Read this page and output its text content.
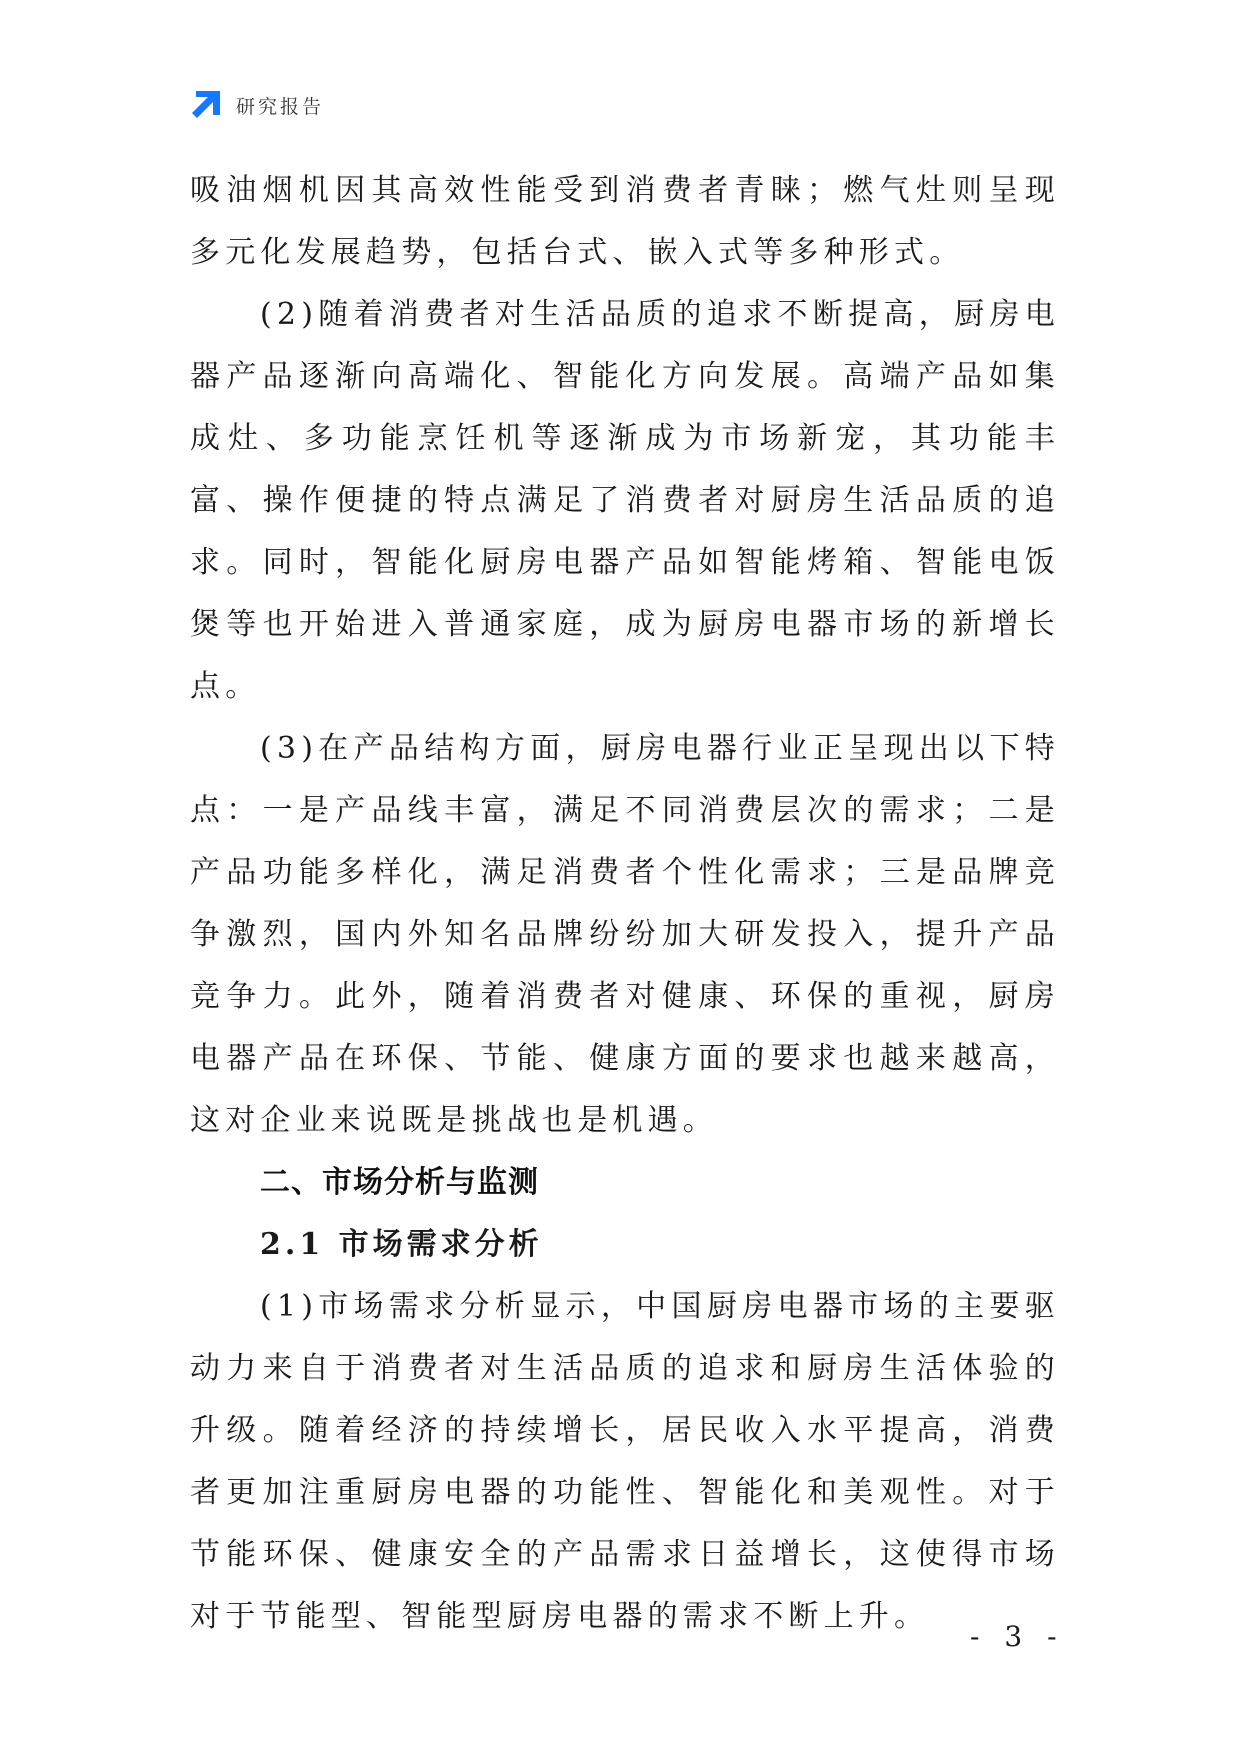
研究报告

吸油烟机因其高效性能受到消费者青睐；燃气灶则呈现多元化发展趋势，包括台式、嵌入式等多种形式。

(2)随着消费者对生活品质的追求不断提高，厨房电器产品逐渐向高端化、智能化方向发展。高端产品如集成灶、多功能烹饪机等逐渐成为市场新宠，其功能丰富、操作便捷的特点满足了消费者对厨房生活品质的追求。同时，智能化厨房电器产品如智能烤箱、智能电饭煲等也开始进入普通家庭，成为厨房电器市场的新增长点。

(3)在产品结构方面，厨房电器行业正呈现出以下特点：一是产品线丰富，满足不同消费层次的需求；二是产品功能多样化，满足消费者个性化需求；三是品牌竞争激烈，国内外知名品牌纷纷加大研发投入，提升产品竞争力。此外，随着消费者对健康、环保的重视，厨房电器产品在环保、节能、健康方面的要求也越来越高，这对企业来说既是挑战也是机遇。

二、市场分析与监测
2.1 市场需求分析

(1)市场需求分析显示，中国厨房电器市场的主要驱动力来自于消费者对生活品质的追求和厨房生活体验的升级。随着经济的持续增长，居民收入水平提高，消费者更加注重厨房电器的功能性、智能化和美观性。对于节能环保、健康安全的产品需求日益增长，这使得市场对于节能型、智能型厨房电器的需求不断上升。

- 3 -
